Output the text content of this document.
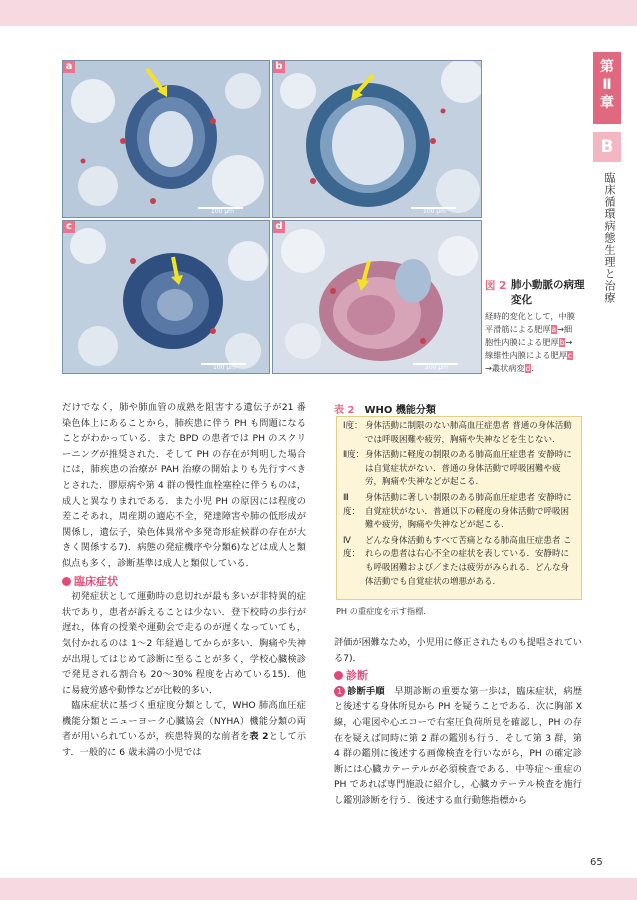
第
Ⅱ
章
B
臨床循環病態生理と治療
a
100 µm
b
100 µm
c
100 µm
d
200 µm
図 2 肺小動脈の病理変化
経時的変化として，中膜平滑筋による肥厚a→細胞性内膜による肥厚b→線維性内膜による肥厚c→叢状病変d．
だけでなく，肺や肺血管の成熟を阻害する遺伝子が21 番染色体上にあることから，肺疾患に伴う PH も問題になることがわかっている．また BPD の患者では PH のスクリーニングが推奨された．そして PH の存在が判明した場合には，肺疾患の治療が PAH 治療の開始よりも先行すべきとされた．膠原病や第 4 群の慢性血栓塞栓に伴うものは，成人と異なりまれである．また小児 PH の原因には程度の差こそあれ，周産期の適応不全，発達障害や肺の低形成が関係し，遺伝子，染色体異常や多発奇形症候群の存在が大きく関係する7)．病態の発症機序や分類6)などは成人と類似点も多く，診断基準は成人と類似している．
臨床症状
初発症状として運動時の息切れが最も多いが非特異的症状であり，患者が訴えることは少ない．登下校時の歩行が遅れ，体育の授業や運動会で走るのが遅くなっていても，気付かれるのは 1〜2 年経過してからが多い．胸痛や失神が出現してはじめて診断に至ることが多く，学校心臓検診で発見される割合も 20〜30% 程度を占めている15)．他に易疲労感や動悸などが比較的多い．
臨床症状に基づく重症度分類として，WHO 肺高血圧症機能分類とニューヨーク心臓協会（NYHA）機能分類の両者が用いられているが，疾患特異的な前者を表 2として示す．一般的に 6 歳未満の小児では
表 2　 WHO 機能分類
Ⅰ度： 身体活動に制限のない肺高血圧症患者 普通の身体活動では呼吸困難や疲労，胸痛や失神などを生じない.
Ⅱ度：身体活動に軽度の制限のある肺高血圧症患者 安静時には自覚症状がない．普通の身体活動で呼吸困難や疲労，胸痛や失神などが起こる.
Ⅲ度：身体活動に著しい制限のある肺高血圧症患者 安静時に自覚症状がない．普通以下の軽度の身体活動で呼吸困難や疲労，胸痛や失神などが起こる.
Ⅳ度：どんな身体活動もすべて苦痛となる肺高血圧症患者 これらの患者は右心不全の症状を表している．安静時にも呼吸困難および／または疲労がみられる．どんな身体活動でも自覚症状の増悪がある.
PH の重症度を示す指標.
評価が困難なため，小児用に修正されたものも提唱されている7)．
診断
1 診断手順　 早期診断の重要な第一歩は，臨床症状，病歴と後述する身体所見から PH を疑うことである．次に胸部 X 線，心電図や心エコーで右室圧負荷所見を確認し，PH の存在を疑えば同時に第 2 群の鑑別も行う．そして第 3 群，第 4 群の鑑別に後述する画像検査を行いながら，PH の確定診断には心臓カテーテルが必須検査である．中等症〜重症の PH であれば専門施設に紹介し，心臓カテーテル検査を施行し鑑別診断を行う．後述する血行動態指標から
65
